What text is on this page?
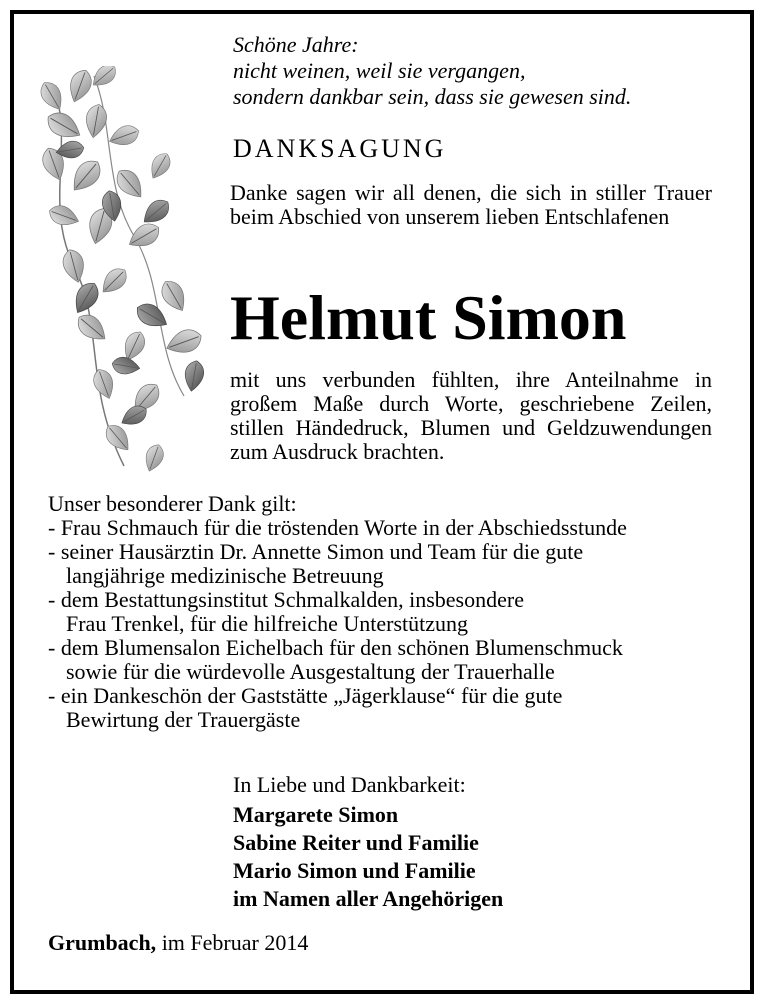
Schöne Jahre:
nicht weinen, weil sie vergangen,
sondern dankbar sein, dass sie gewesen sind.
DANKSAGUNG

Danke sagen wir all denen, die sich in stiller Trauer beim Abschied von unserem lieben Entschlafenen

Helmut Simon

mit uns verbunden fühlten, ihre Anteilnahme in großem Maße durch Worte, geschriebene Zeilen, stillen Händedruck, Blumen und Geldzuwendungen zum Ausdruck brachten.

Unser besonderer Dank gilt:
- Frau Schmauch für die tröstenden Worte in der Abschiedsstunde
- seiner Hausärztin Dr. Annette Simon und Team für die gute
langjährige medizinische Betreuung
- dem Bestattungsinstitut Schmalkalden, insbesondere
Frau Trenkel, für die hilfreiche Unterstützung
- dem Blumensalon Eichelbach für den schönen Blumenschmuck
sowie für die würdevolle Ausgestaltung der Trauerhalle
- ein Dankeschön der Gaststätte „Jägerklause“ für die gute
Bewirtung der Trauergäste
In Liebe und Dankbarkeit:
Margarete Simon
Sabine Reiter und Familie
Mario Simon und Familie
im Namen aller Angehörigen
Grumbach, im Februar 2014
